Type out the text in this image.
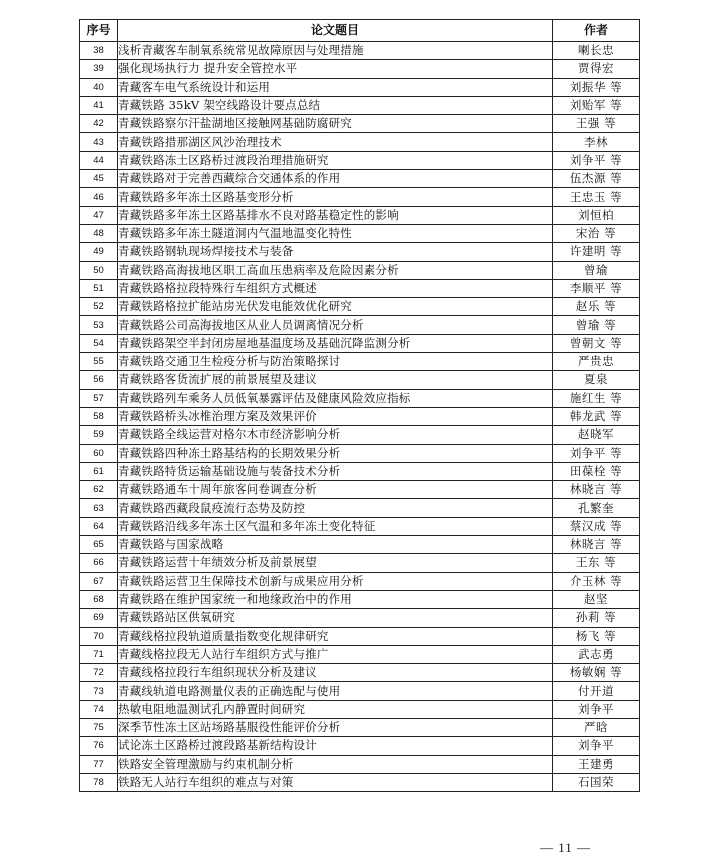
序号	论文题目	作者
38	浅析青藏客车制氧系统常见故障原因与处理措施	喇长忠
39	强化现场执行力 提升安全管控水平	贾得宏
40	青藏客车电气系统设计和运用	刘振华 等
41	青藏铁路 35kV 架空线路设计要点总结	刘贻军 等
42	青藏铁路察尔汗盐湖地区接触网基础防腐研究	王强 等
43	青藏铁路措那湖区风沙治理技术	李林
44	青藏铁路冻土区路桥过渡段治理措施研究	刘争平 等
45	青藏铁路对于完善西藏综合交通体系的作用	伍杰源 等
46	青藏铁路多年冻土区路基变形分析	王忠玉 等
47	青藏铁路多年冻土区路基排水不良对路基稳定性的影响	刘恒柏
48	青藏铁路多年冻土隧道洞内气温地温变化特性	宋治 等
49	青藏铁路钢轨现场焊接技术与装备	许建明 等
50	青藏铁路高海拔地区职工高血压患病率及危险因素分析	曾瑜
51	青藏铁路格拉段特殊行车组织方式概述	李顺平 等
52	青藏铁路格拉扩能站房光伏发电能效优化研究	赵乐 等
53	青藏铁路公司高海拔地区从业人员调离情况分析	曾瑜 等
54	青藏铁路架空半封闭房屋地基温度场及基础沉降监测分析	曾朝文 等
55	青藏铁路交通卫生检疫分析与防治策略探讨	严贵忠
56	青藏铁路客货流扩展的前景展望及建议	夏泉
57	青藏铁路列车乘务人员低氧暴露评估及健康风险效应指标	施红生 等
58	青藏铁路桥头冰椎治理方案及效果评价	韩龙武 等
59	青藏铁路全线运营对格尔木市经济影响分析	赵晓军
60	青藏铁路四种冻土路基结构的长期效果分析	刘争平 等
61	青藏铁路特货运输基础设施与装备技术分析	田葆栓 等
62	青藏铁路通车十周年旅客问卷调查分析	林晓言 等
63	青藏铁路西藏段鼠疫流行态势及防控	孔繁奎
64	青藏铁路沿线多年冻土区气温和多年冻土变化特征	蔡汉成 等
65	青藏铁路与国家战略	林晓言 等
66	青藏铁路运营十年绩效分析及前景展望	王东 等
67	青藏铁路运营卫生保障技术创新与成果应用分析	介玉林 等
68	青藏铁路在维护国家统一和地缘政治中的作用	赵坚
69	青藏铁路站区供氧研究	孙莉 等
70	青藏线格拉段轨道质量指数变化规律研究	杨飞 等
71	青藏线格拉段无人站行车组织方式与推广	武志勇
72	青藏线格拉段行车组织现状分析及建议	杨敏娴 等
73	青藏线轨道电路测量仪表的正确选配与使用	付开道
74	热敏电阻地温测试孔内静置时间研究	刘争平
75	深季节性冻土区站场路基服役性能评价分析	严晗
76	试论冻土区路桥过渡段路基新结构设计	刘争平
77	铁路安全管理激励与约束机制分析	王建勇
78	铁路无人站行车组织的难点与对策	石国荣
— 11 —
